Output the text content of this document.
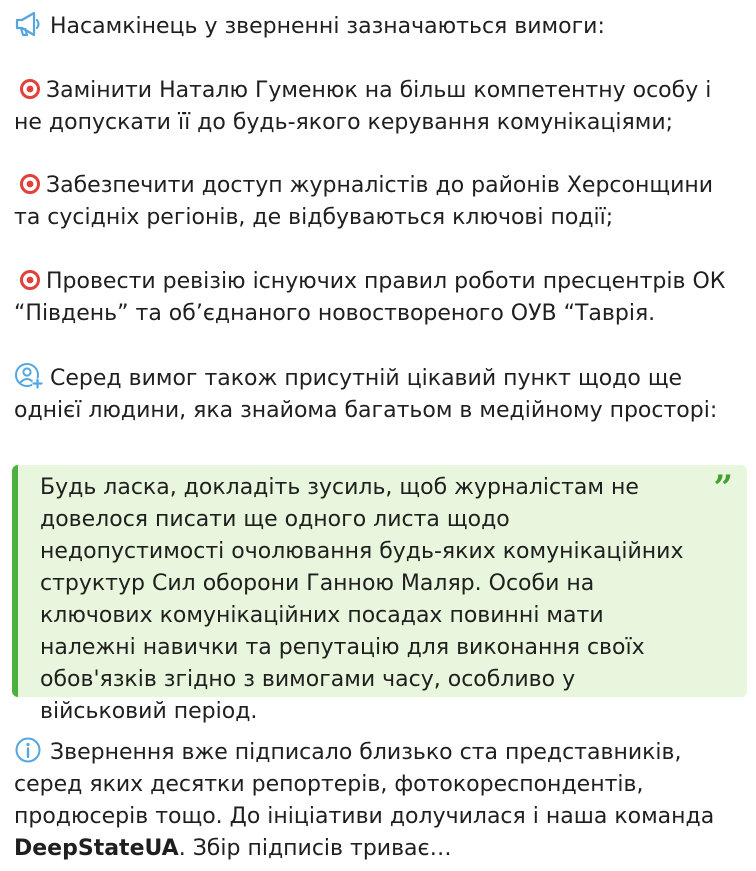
Насамкінець у зверненні зазначаються вимоги:

Замінити Наталю Гуменюк на більш компетентну особу і не допускати її до будь-якого керування комунікаціями;

Забезпечити доступ журналістів до районів Херсонщини та сусідніх регіонів, де відбуваються ключові події;

Провести ревізію існуючих правил роботи пресцентрів ОК “Південь” та об’єднаного новоствореного ОУВ “Таврія.

Серед вимог також присутній цікавий пункт щодо ще однієї людини, яка знайома багатьом в медійному просторі:

Будь ласка, докладіть зусиль, щоб журналістам не довелося писати ще одного листа щодо недопустимості очолювання будь-яких комунікаційних структур Сил оборони Ганною Маляр. Особи на ключових комунікаційних посадах повинні мати належні навички та репутацію для виконання своїх обов'язків згідно з вимогами часу, особливо у військовий період.

”

Звернення вже підписало близько ста представників, серед яких десятки репортерів, фотокореспондентів, продюсерів тощо. До ініціативи долучилася і наша команда DeepStateUA. Збір підписів триває…
